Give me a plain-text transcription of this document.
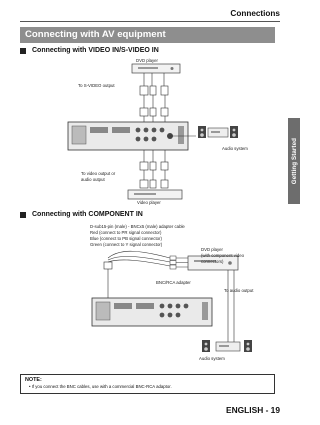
Connections
Getting Started
Connecting with AV equipment
Connecting with VIDEO IN/S-VIDEO IN
DVD player
To S-VIDEO output
Audio system
To video output or
audio output
Video player
Connecting with COMPONENT IN
D-sub15-pin (male) - BNCx5 (male) adapter cable
Red (connect to PR signal connector)
Blue (connect to PB signal connector)
Green (connect to Y signal connector)
DVD player
(with component video
connectors)
BNC/RCA adapter
To audio output
Audio system
NOTE:
• If you connect the BNC cables, use with a commercial BNC-RCA adaptor.
ENGLISH - 19
